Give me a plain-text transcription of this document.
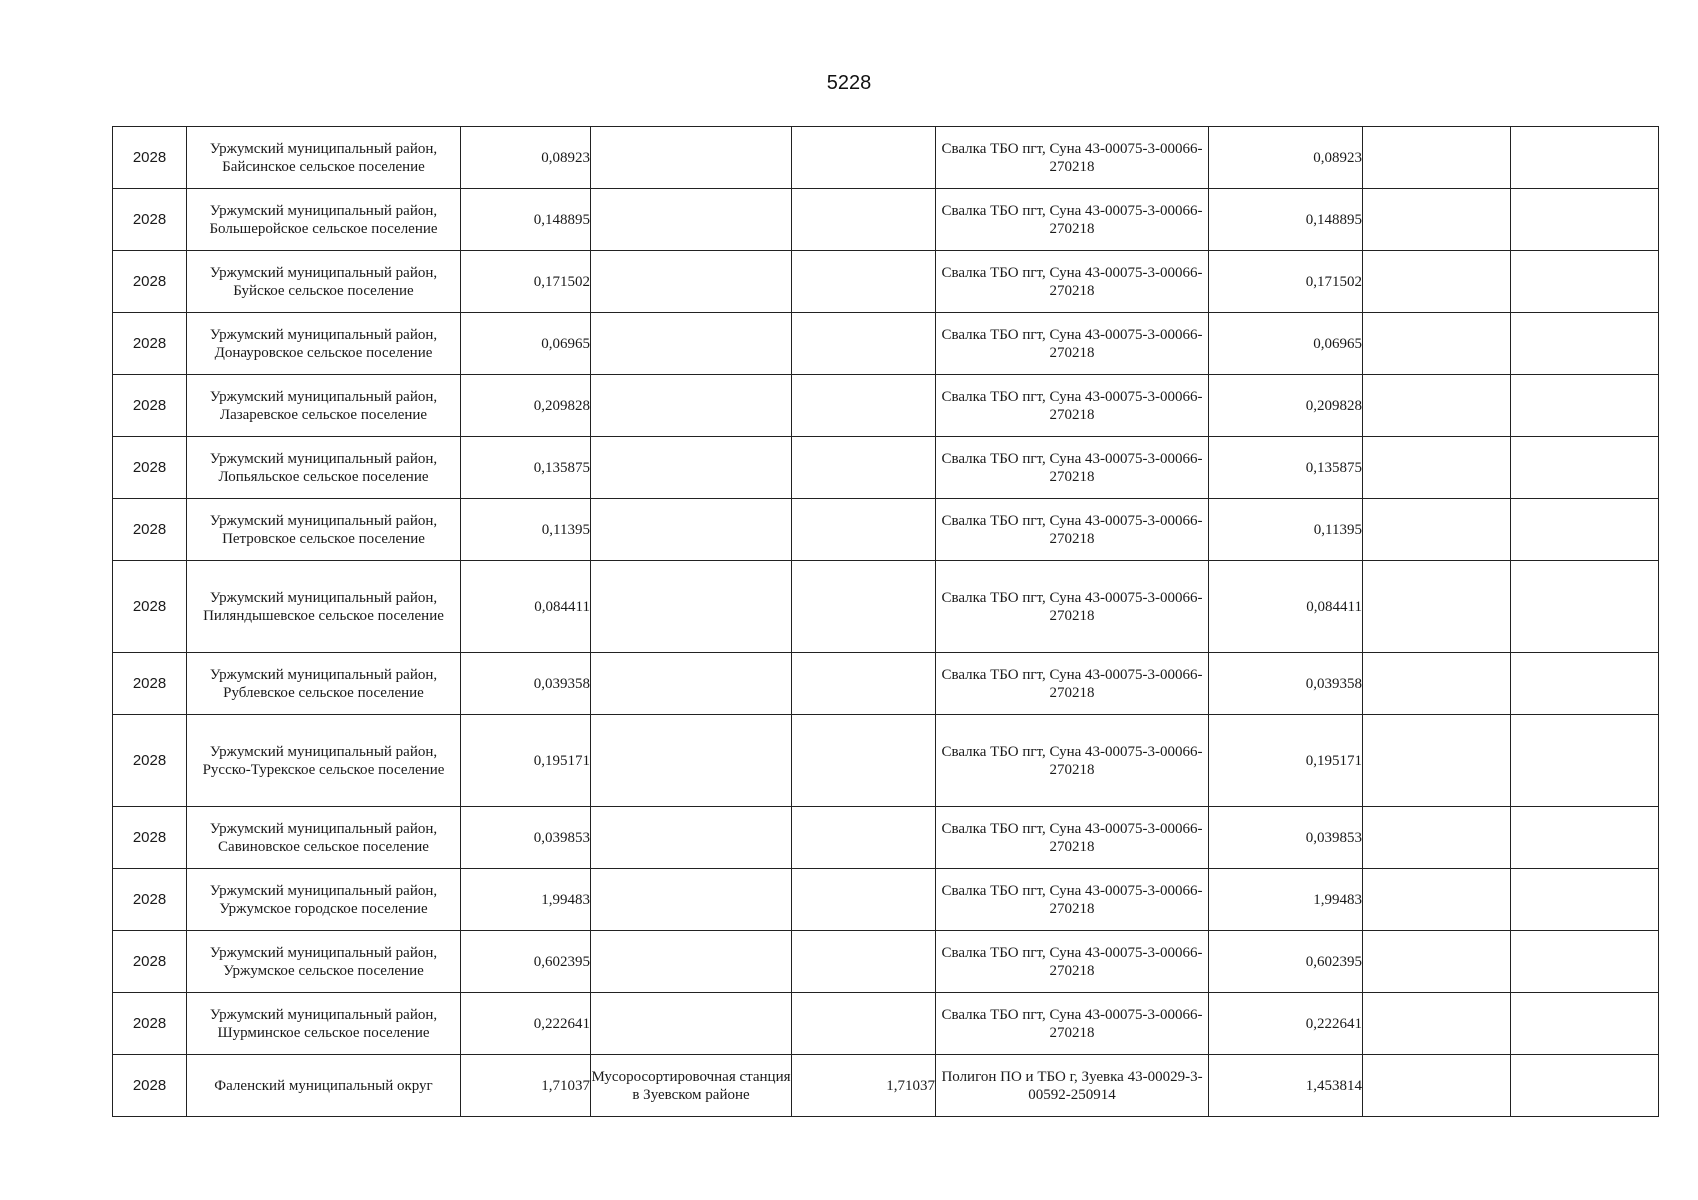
5228
2028	Уржумский муниципальный район, Байсинское сельское поселение	0,08923			Свалка ТБО пгт, Суна 43-00075-3-00066-270218	0,08923		
2028	Уржумский муниципальный район, Большеройское сельское поселение	0,148895			Свалка ТБО пгт, Суна 43-00075-3-00066-270218	0,148895		
2028	Уржумский муниципальный район, Буйское сельское поселение	0,171502			Свалка ТБО пгт, Суна 43-00075-3-00066-270218	0,171502		
2028	Уржумский муниципальный район, Донауровское сельское поселение	0,06965			Свалка ТБО пгт, Суна 43-00075-3-00066-270218	0,06965		
2028	Уржумский муниципальный район, Лазаревское сельское поселение	0,209828			Свалка ТБО пгт, Суна 43-00075-3-00066-270218	0,209828		
2028	Уржумский муниципальный район, Лопьяльское сельское поселение	0,135875			Свалка ТБО пгт, Суна 43-00075-3-00066-270218	0,135875		
2028	Уржумский муниципальный район, Петровское сельское поселение	0,11395			Свалка ТБО пгт, Суна 43-00075-3-00066-270218	0,11395		
2028	Уржумский муниципальный район, Пиляндышевское сельское поселение	0,084411			Свалка ТБО пгт, Суна 43-00075-3-00066-270218	0,084411		
2028	Уржумский муниципальный район, Рублевское сельское поселение	0,039358			Свалка ТБО пгт, Суна 43-00075-3-00066-270218	0,039358		
2028	Уржумский муниципальный район, Русско-Турекское сельское поселение	0,195171			Свалка ТБО пгт, Суна 43-00075-3-00066-270218	0,195171		
2028	Уржумский муниципальный район, Савиновское сельское поселение	0,039853			Свалка ТБО пгт, Суна 43-00075-3-00066-270218	0,039853		
2028	Уржумский муниципальный район, Уржумское городское поселение	1,99483			Свалка ТБО пгт, Суна 43-00075-3-00066-270218	1,99483		
2028	Уржумский муниципальный район, Уржумское сельское поселение	0,602395			Свалка ТБО пгт, Суна 43-00075-3-00066-270218	0,602395		
2028	Уржумский муниципальный район, Шурминское сельское поселение	0,222641			Свалка ТБО пгт, Суна 43-00075-3-00066-270218	0,222641		
2028	Фаленский муниципальный округ	1,71037	Мусоросортировочная станция в Зуевском районе	1,71037	Полигон ПО и ТБО г, Зуевка 43-00029-3-00592-250914	1,453814		
